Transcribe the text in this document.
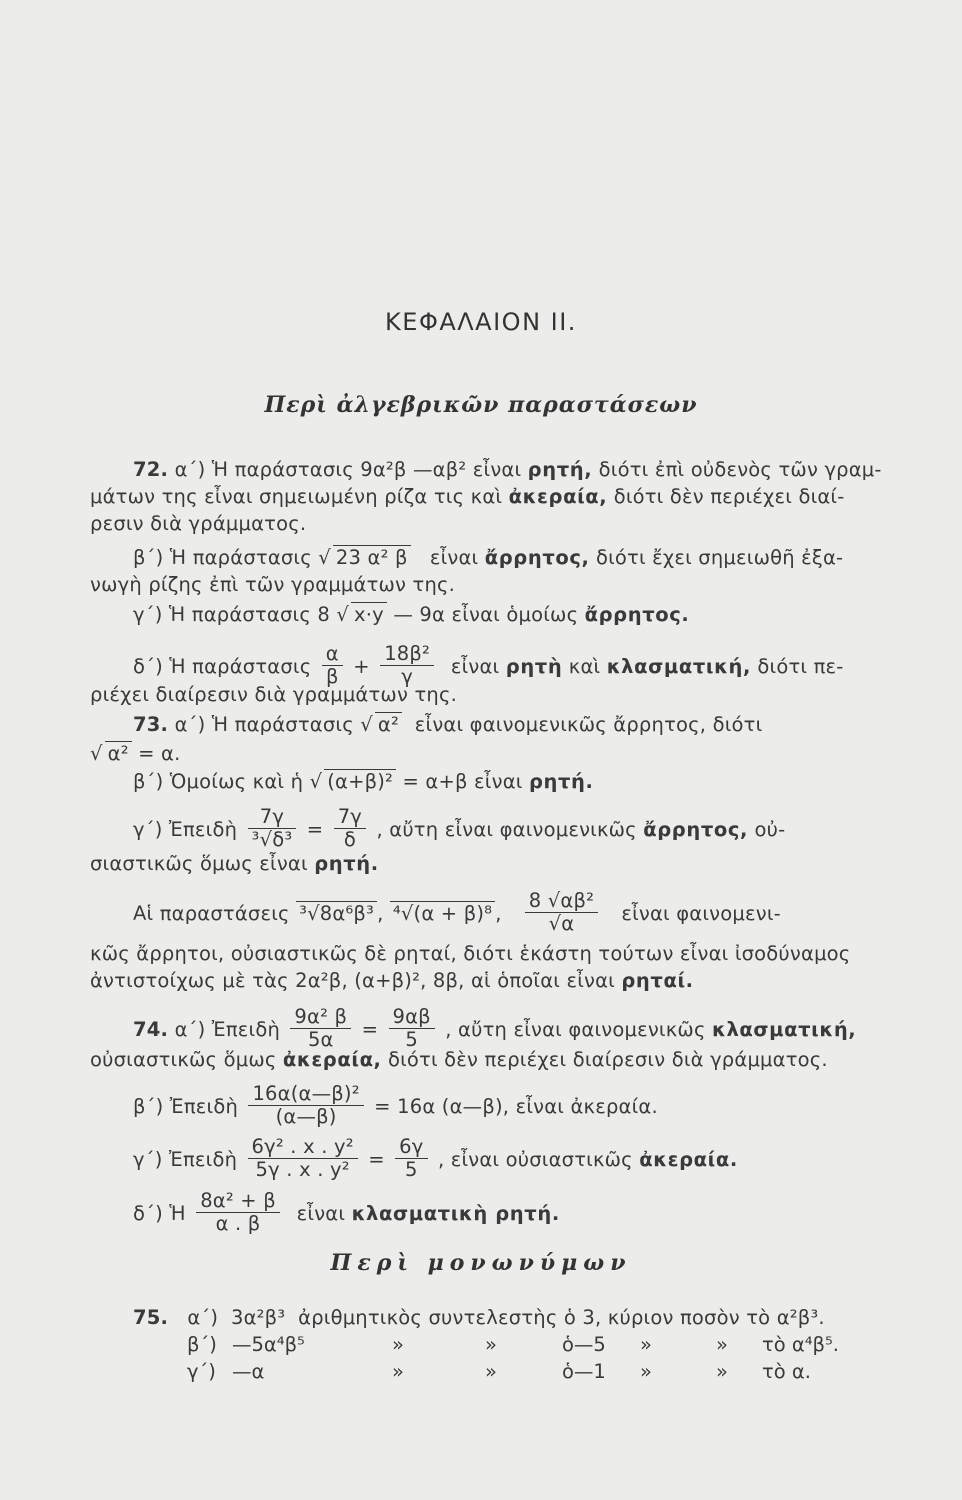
ΚΕΦΑΛΑΙΟΝ ΙΙ.
Περὶ ἀλγεβρικῶν παραστάσεων
72. α΄) Ἡ παράστασις 9α²β —αβ² εἶναι ρητή, διότι ἐπὶ οὐδενὸς τῶν γραμ-
μάτων της εἶναι σημειωμένη ρίζα τις καὶ ἀκεραία, διότι δὲν περιέχει διαί-
ρεσιν διὰ γράμματος.
β΄) Ἡ παράστασις √ 23 α² β εἶναι ἄρρητος, διότι ἔχει σημειωθῆ ἐξα-
νωγὴ ρίζης ἐπὶ τῶν γραμμάτων της.
γ΄) Ἡ παράστασις 8 √ x·y — 9α εἶναι ὁμοίως ἄρρητος.
δ΄) Ἡ παράστασις $\frac{\alpha}{\beta} + \frac{\text{18β²}}{\gamma}$ εἶναι ρητὴ καὶ κλασματική, διότι πε-
ριέχει διαίρεσιν διὰ γραμμάτων της.
73. α΄) Ἡ παράστασις √ α² εἶναι φαινομενικῶς ἄρρητος, διότι
√ α² = α.
β΄) Ὁμοίως καὶ ἡ √ (α+β)² = α+β εἶναι ρητή.
γ΄) Ἐπειδὴ $\frac{7\gamma}{\text{³√δ³}} = \frac{7\gamma}{\delta}$ , αὔτη εἶναι φαινομενικῶς ἄρρητος, οὐ-
σιαστικῶς ὅμως εἶναι ρητή.
Αἱ παραστάσεις ³√8α⁶β³ , ⁴√(α + β)⁸ , $\frac{\text{8 √αβ²}}{√\alpha}$ εἶναι φαινομενι-
κῶς ἄρρητοι, οὐσιαστικῶς δὲ ρηταί, διότι ἑκάστη τούτων εἶναι ἰσοδύναμος
ἀντιστοίχως μὲ τὰς 2α²β, (α+β)², 8β, αἱ ὁποῖαι εἶναι ρηταί.
74. α΄) Ἐπειδὴ $\frac{\text{9α² β}}{5\alpha} = \frac{9\alpha\beta}{5}$ , αὔτη εἶναι φαινομενικῶς κλασματική,
οὐσιαστικῶς ὅμως ἀκεραία, διότι δὲν περιέχει διαίρεσιν διὰ γράμματος.
β΄) Ἐπειδὴ $\frac{\text{16α(α—β)²}}{(\alpha—\beta)} = 16\alpha$ (α—β), εἶναι ἀκεραία.
γ΄) Ἐπειδὴ $\frac{\text{6γ² . x . y²}}{\text{5γ . x . y²}} = \frac{6\gamma}{5}$ , εἶναι οὐσιαστικῶς ἀκεραία.
δ΄) Ἡ $\frac{\text{8α² + β}}{\alpha . \beta}$ εἶναι κλασματικὴ ρητή.
Περὶ μονωνύμων
75. α΄) 3α²β³ ἀριθμητικὸς συντελεστὴς ὁ 3, κύριον ποσὸν τὸ α²β³.
β΄) —5α⁴β⁵	»	»	ὁ—5 »	» τὸ α⁴β⁵.
γ΄) —α	»	»	ὁ—1 »	» τὸ α.
